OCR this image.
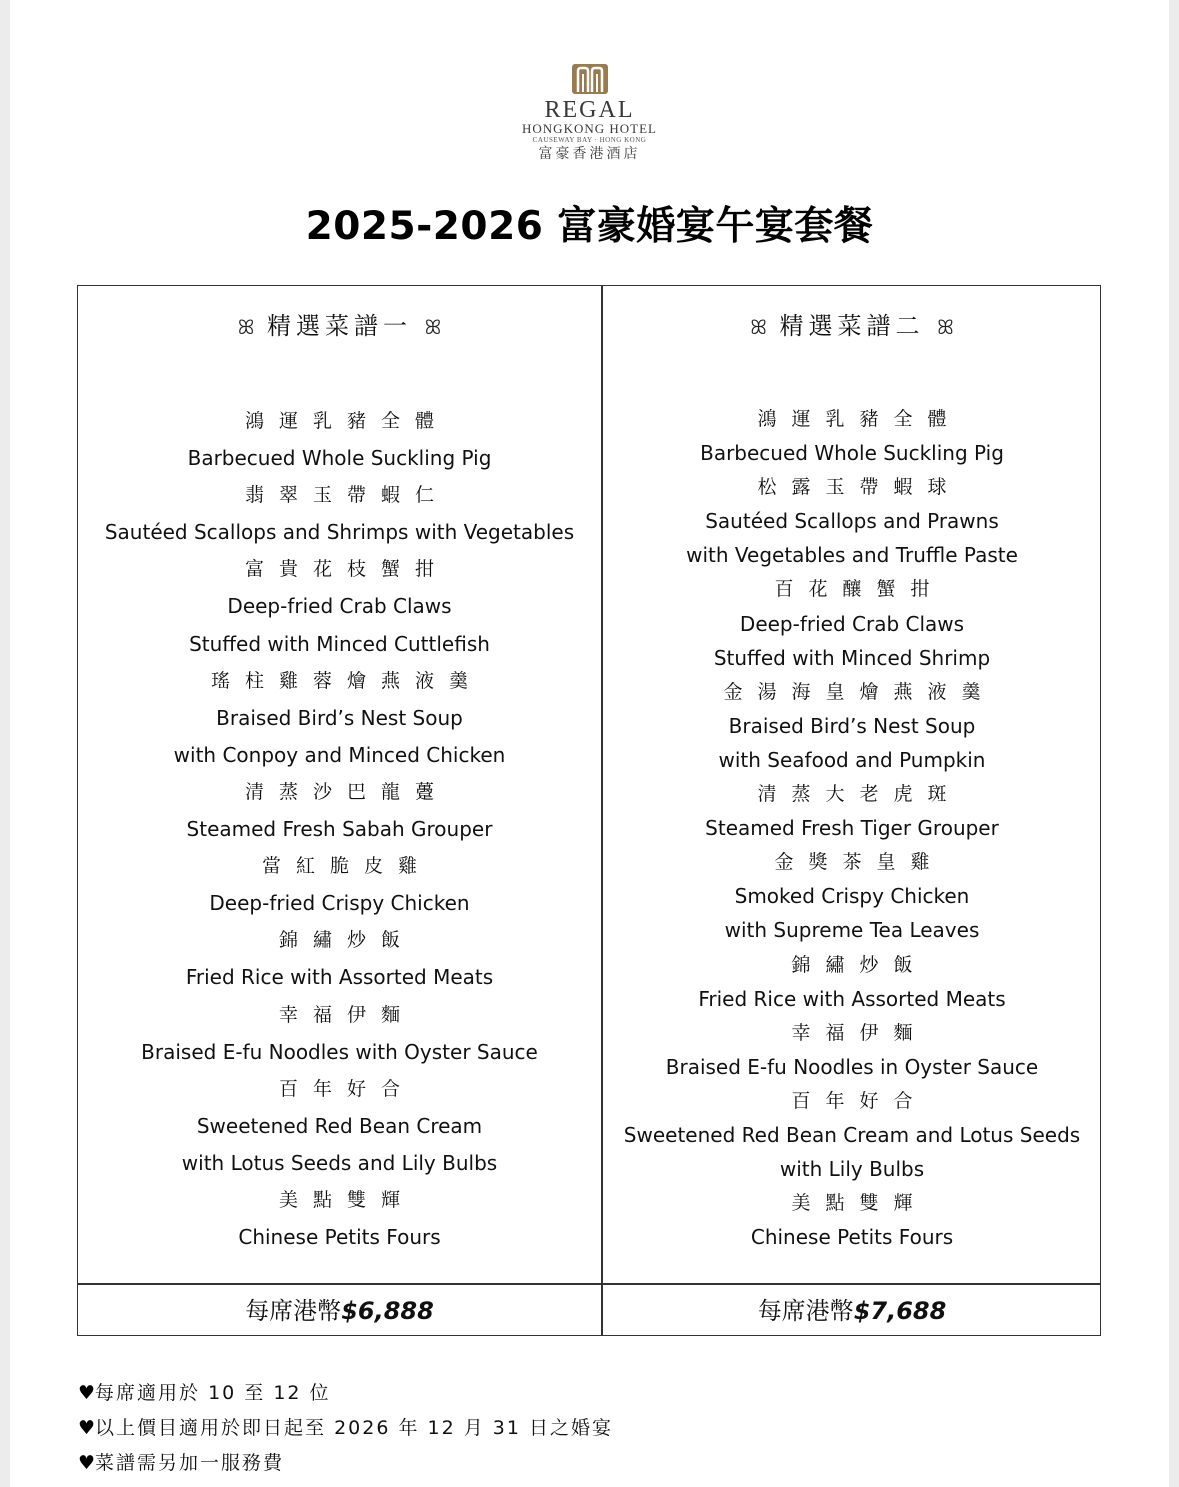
REGAL
HONGKONG HOTEL
CAUSEWAY BAY · HONG KONG
富豪香港酒店
2025-2026 富豪婚宴午宴套餐
ꕤ 精選菜譜一 ꕤ
鴻運乳豬全體
Barbecued Whole Suckling Pig
翡翠玉帶蝦仁
Sautéed Scallops and Shrimps with Vegetables
富貴花枝蟹拑
Deep-fried Crab Claws
Stuffed with Minced Cuttlefish
瑤柱雞蓉燴燕液羹
Braised Bird’s Nest Soup
with Conpoy and Minced Chicken
清蒸沙巴龍躉
Steamed Fresh Sabah Grouper
當紅脆皮雞
Deep-fried Crispy Chicken
錦繡炒飯
Fried Rice with Assorted Meats
幸福伊麵
Braised E-fu Noodles with Oyster Sauce
百年好合
Sweetened Red Bean Cream
with Lotus Seeds and Lily Bulbs
美點雙輝
Chinese Petits Fours
ꕤ 精選菜譜二 ꕤ
鴻運乳豬全體
Barbecued Whole Suckling Pig
松露玉帶蝦球
Sautéed Scallops and Prawns
with Vegetables and Truffle Paste
百花釀蟹拑
Deep-fried Crab Claws
Stuffed with Minced Shrimp
金湯海皇燴燕液羹
Braised Bird’s Nest Soup
with Seafood and Pumpkin
清蒸大老虎斑
Steamed Fresh Tiger Grouper
金獎茶皇雞
Smoked Crispy Chicken
with Supreme Tea Leaves
錦繡炒飯
Fried Rice with Assorted Meats
幸福伊麵
Braised E-fu Noodles in Oyster Sauce
百年好合
Sweetened Red Bean Cream and Lotus Seeds
with Lily Bulbs
美點雙輝
Chinese Petits Fours
每席港幣$6,888	每席港幣$7,688
♥每席適用於 10 至 12 位
♥以上價目適用於即日起至 2026 年 12 月 31 日之婚宴
♥菜譜需另加一服務費
